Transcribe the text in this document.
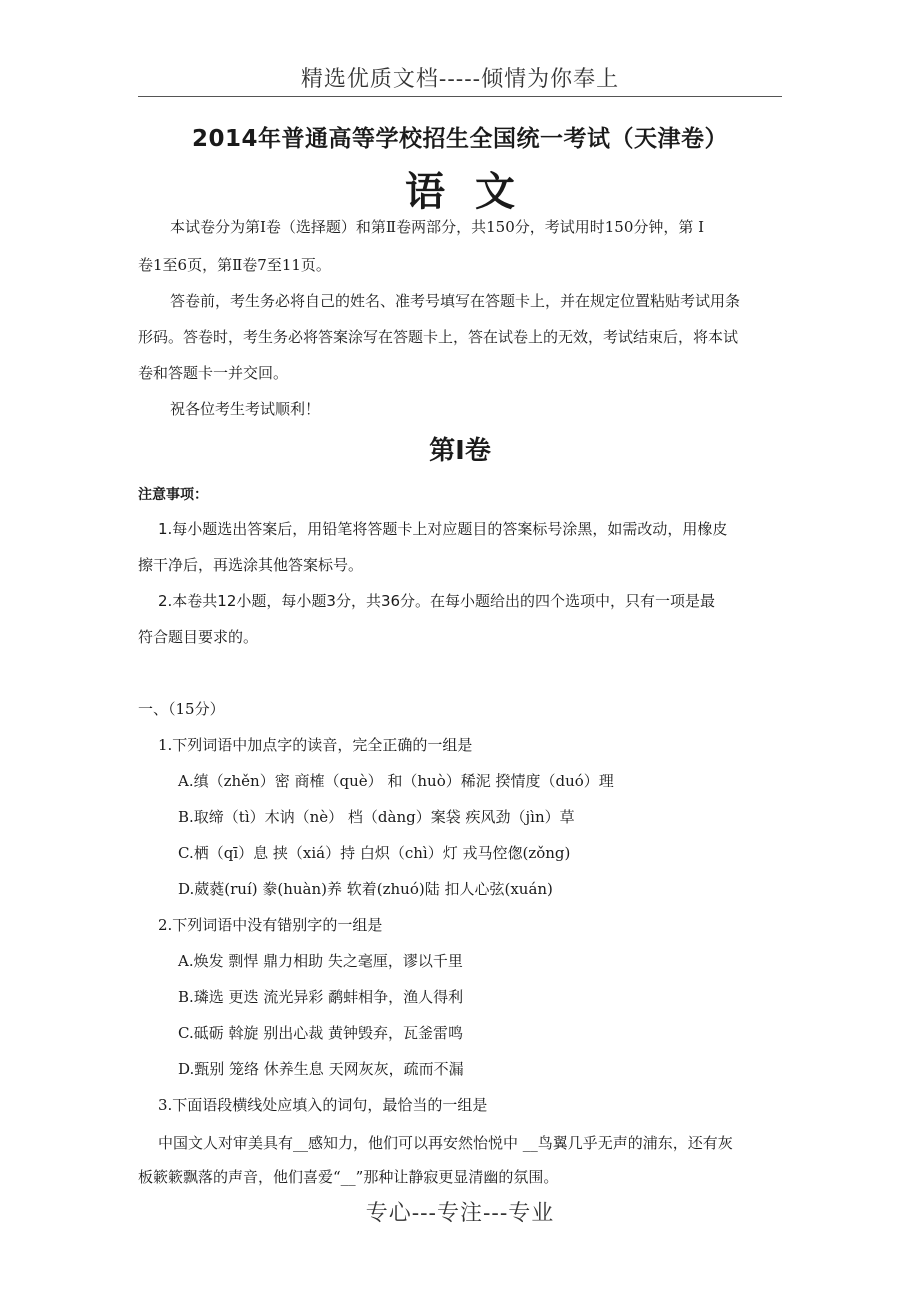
精选优质文档-----倾情为你奉上
2014年普通高等学校招生全国统一考试（天津卷）
语文
本试卷分为第Ⅰ卷（选择题）和第Ⅱ卷两部分，共150分，考试用时150分钟，第 Ⅰ
卷1至6页，第Ⅱ卷7至11页。
答卷前，考生务必将自己的姓名、准考号填写在答题卡上，并在规定位置粘贴考试用条
形码。答卷时，考生务必将答案涂写在答题卡上，答在试卷上的无效，考试结束后，将本试
卷和答题卡一并交回。
祝各位考生考试顺利！
第Ⅰ卷
注意事项：
1.每小题选出答案后，用铅笔将答题卡上对应题目的答案标号涂黑，如需改动，用橡皮
擦干净后，再选涂其他答案标号。
2.本卷共12小题，每小题3分，共36分。在每小题给出的四个选项中，只有一项是最
符合题目要求的。
一、（15分）
1.下列词语中加点字的读音，完全正确的一组是
A.缜（zhěn）密 商榷（què） 和（huò）稀泥 揆情度（duó）理
B.取缔（tì）木讷（nè） 档（dàng）案袋 疾风劲（jìn）草
C.栖（qī）息 挟（xiá）持 白炽（chì）灯 戎马倥偬(zǒng)
D.葳蕤(ruí) 豢(huàn)养 软着(zhuó)陆 扣人心弦(xuán)
2.下列词语中没有错别字的一组是
A.焕发 剽悍 鼎力相助 失之毫厘，谬以千里
B.璘选 更迭 流光异彩 鹬蚌相争，渔人得利
C.砥砺 斡旋 别出心裁 黄钟毁弃，瓦釜雷鸣
D.甄别 笼络 休养生息 天网灰灰，疏而不漏
3.下面语段横线处应填入的词句，最恰当的一组是
中国文人对审美具有__感知力，他们可以再安然怡悦中 __鸟翼几乎无声的浦东，还有灰
板簌簌飘落的声音，他们喜爱“__”那种让静寂更显清幽的氛围。
专心---专注---专业
